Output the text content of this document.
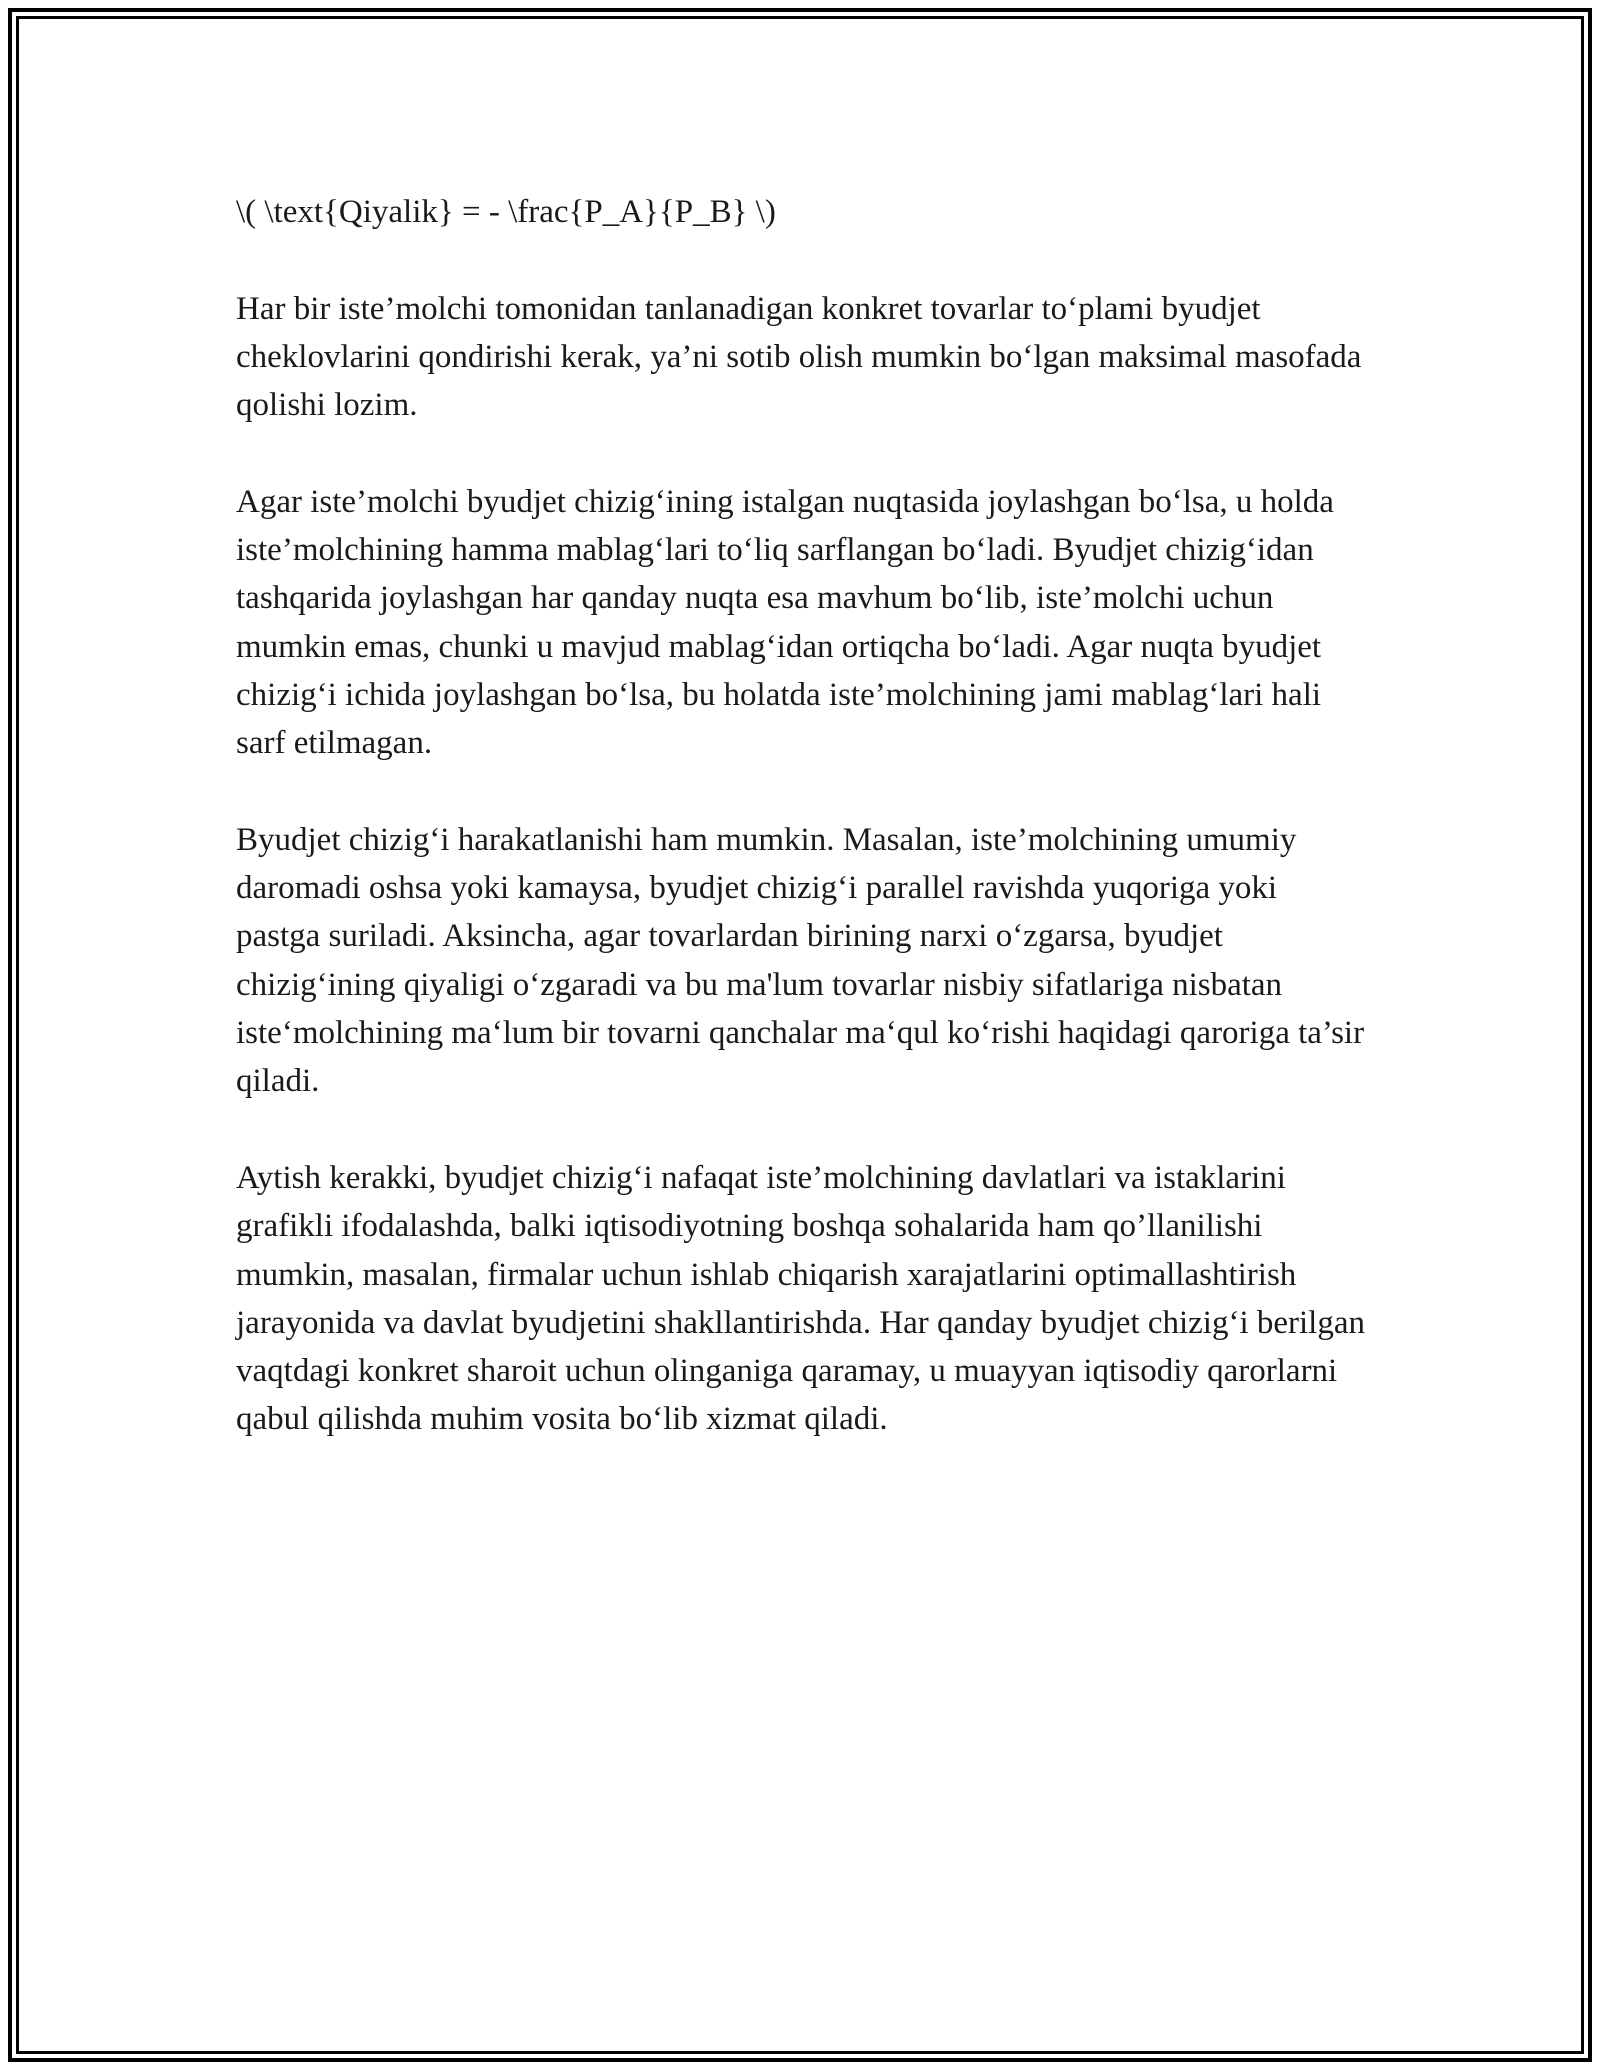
\( \text{Qiyalik} = - \frac{P_A}{P_B} \)

Har bir iste’molchi tomonidan tanlanadigan konkret tovarlar to‘plami byudjet cheklovlarini qondirishi kerak, ya’ni sotib olish mumkin bo‘lgan maksimal masofada qolishi lozim.

Agar iste’molchi byudjet chizig‘ining istalgan nuqtasida joylashgan bo‘lsa, u holda iste’molchining hamma mablag‘lari to‘liq sarflangan bo‘ladi. Byudjet chizig‘idan tashqarida joylashgan har qanday nuqta esa mavhum bo‘lib, iste’molchi uchun mumkin emas, chunki u mavjud mablag‘idan ortiqcha bo‘ladi. Agar nuqta byudjet chizig‘i ichida joylashgan bo‘lsa, bu holatda iste’molchining jami mablag‘lari hali sarf etilmagan.

Byudjet chizig‘i harakatlanishi ham mumkin. Masalan, iste’molchining umumiy daromadi oshsa yoki kamaysa, byudjet chizig‘i parallel ravishda yuqoriga yoki pastga suriladi. Aksincha, agar tovarlardan birining narxi o‘zgarsa, byudjet chizig‘ining qiyaligi o‘zgaradi va bu ma'lum tovarlar nisbiy sifatlariga nisbatan iste‘molchining ma‘lum bir tovarni qanchalar ma‘qul ko‘rishi haqidagi qaroriga ta’sir qiladi.

Aytish kerakki, byudjet chizig‘i nafaqat iste’molchining davlatlari va istaklarini grafikli ifodalashda, balki iqtisodiyotning boshqa sohalarida ham qo’llanilishi mumkin, masalan, firmalar uchun ishlab chiqarish xarajatlarini optimallashtirish jarayonida va davlat byudjetini shakllantirishda. Har qanday byudjet chizig‘i berilgan vaqtdagi konkret sharoit uchun olinganiga qaramay, u muayyan iqtisodiy qarorlarni qabul qilishda muhim vosita bo‘lib xizmat qiladi.
